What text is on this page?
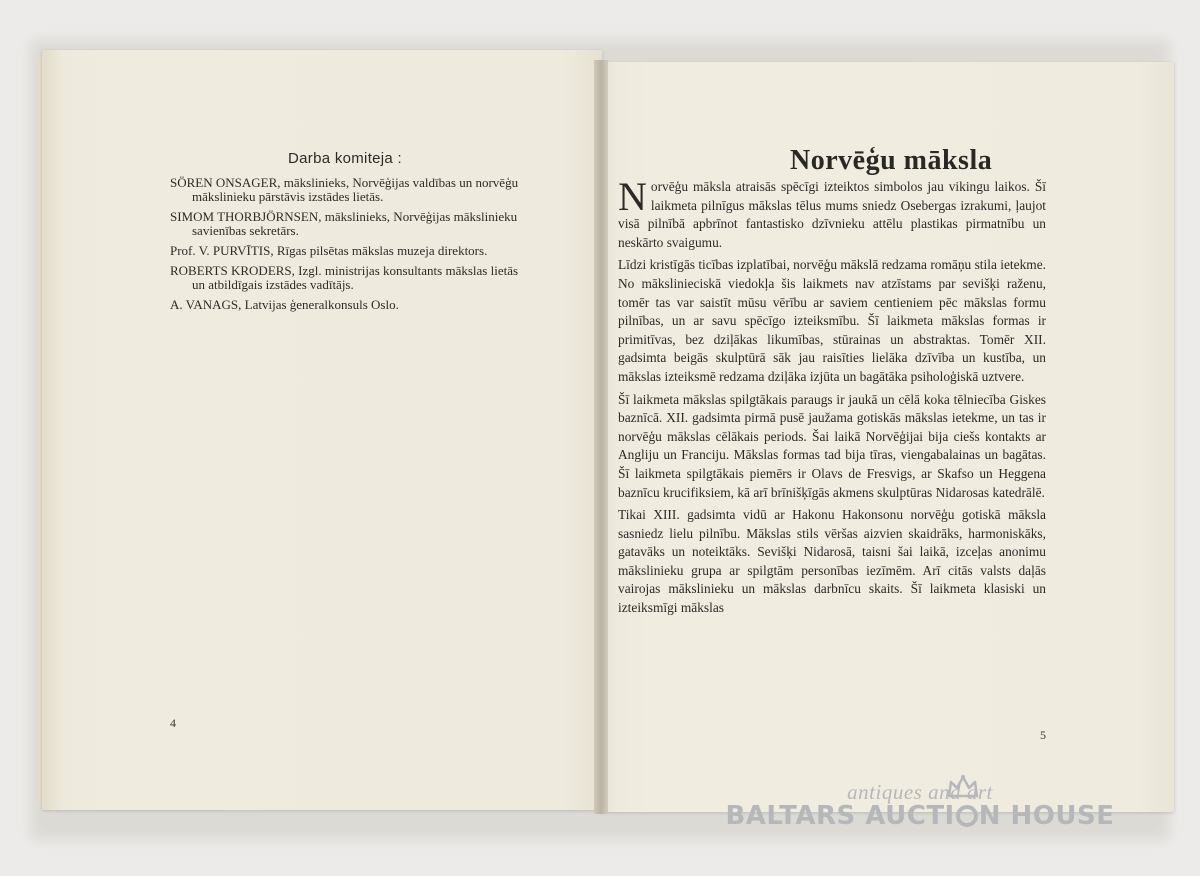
Darba komiteja :
SÖREN ONSAGER, mākslinieks, Norvēģijas valdības un norvēģu
mākslinieku pārstāvis izstādes lietās.
SIMOM THORBJÖRNSEN, mākslinieks, Norvēģijas mākslinieku
savienības sekretārs.
Prof. V. PURVĪTIS, Rīgas pilsētas mākslas muzeja direktors.
ROBERTS KRODERS, Izgl. ministrijas konsultants mākslas lietās
un atbildīgais izstādes vadītājs.
A. VANAGS, Latvijas ģeneralkonsuls Oslo.
4
Norvēģu māksla

Norvēģu māksla atraisās spēcīgi izteiktos simbolos jau vikingu laikos. Šī laikmeta pilnīgus mākslas tēlus mums sniedz Osebergas izrakumi, ļaujot visā pilnībā apbrīnot fantastisko dzīvnieku attēlu plastikas pirmatnību un neskārto svaigumu.

Līdzi kristīgās ticības izplatībai, norvēģu mākslā redzama romāņu stila ietekme. No mākslinieciskā viedokļa šis laikmets nav atzīstams par sevišķi raženu, tomēr tas var saistīt mūsu vērību ar saviem centieniem pēc mākslas formu pilnības, un ar savu spēcīgo izteiksmību. Šī laikmeta mākslas formas ir primitīvas, bez dziļākas likumības, stūrainas un abstraktas. Tomēr XII. gadsimta beigās skulptūrā sāk jau raisīties lielāka dzīvība un kustība, un mākslas izteiksmē redzama dziļāka izjūta un bagātāka psiholoģiskā uztvere.

Šī laikmeta mākslas spilgtākais paraugs ir jaukā un cēlā koka tēlniecība Giskes baznīcā. XII. gadsimta pirmā pusē jaužama gotiskās mākslas ietekme, un tas ir norvēģu mākslas cēlākais periods. Šai laikā Norvēģijai bija ciešs kontakts ar Angliju un Franciju. Mākslas formas tad bija tīras, viengabalainas un bagātas. Šī laikmeta spilgtākais piemērs ir Olavs de Fresvigs, ar Skafso un Heggena baznīcu krucifiksiem, kā arī brīnišķīgās akmens skulptūras Nidarosas katedrālē.

Tikai XIII. gadsimta vidū ar Hakonu Hakonsonu norvēģu gotiskā māksla sasniedz lielu pilnību. Mākslas stils vēršas aizvien skaidrāks, harmoniskāks, gatavāks un noteiktāks. Sevišķi Nidarosā, taisni šai laikā, izceļas anonimu mākslinieku grupa ar spilgtām personības iezīmēm. Arī citās valsts daļās vairojas mākslinieku un mākslas darbnīcu skaits. Šī laikmeta klasiski un izteiksmīgi mākslas

5
antiques and art
BALTARS AUCTI N HOUSE
